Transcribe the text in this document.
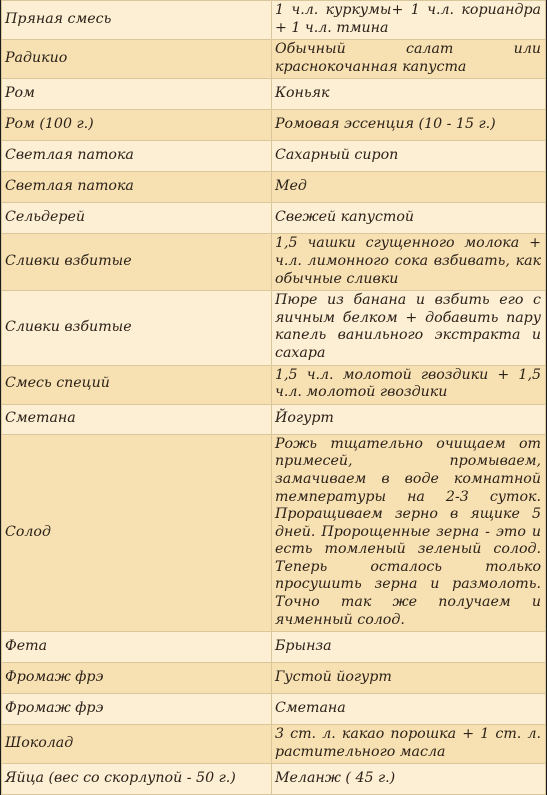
Пряная смесь	1 ч.л. куркумы+ 1 ч.л. кориандра + 1 ч.л. тмина
Радикио	Обычный салат или краснокочанная капуста
Ром	Коньяк
Ром (100 г.)	Ромовая эссенция (10 - 15 г.)
Светлая патока	Сахарный сироп
Светлая патока	Мед
Сельдерей	Свежей капустой
Сливки взбитые	1,5 чашки сгущенного молока + ч.л. лимонного сока взбивать, как обычные сливки
Сливки взбитые	Пюре из банана и взбить его с яичным белком + добавить пару капель ванильного экстракта и сахара
Смесь специй	1,5 ч.л. молотой гвоздики + 1,5 ч.л. молотой гвоздики
Сметана	Йогурт
Солод	Рожь тщательно очищаем от примесей, промываем, замачиваем в воде комнатной температуры на 2-3 суток. Проращиваем зерно в ящике 5 дней. Пророщенные зерна - это и есть томленый зеленый солод. Теперь осталось только просушить зерна и размолоть. Точно так же получаем и ячменный солод.
Фета	Брынза
Фромаж фрэ	Густой йогурт
Фромаж фрэ	Сметана
Шоколад	3 ст. л. какао порошка + 1 ст. л. растительного масла
Яйца (вес со скорлупой - 50 г.)	Меланж ( 45 г.)
